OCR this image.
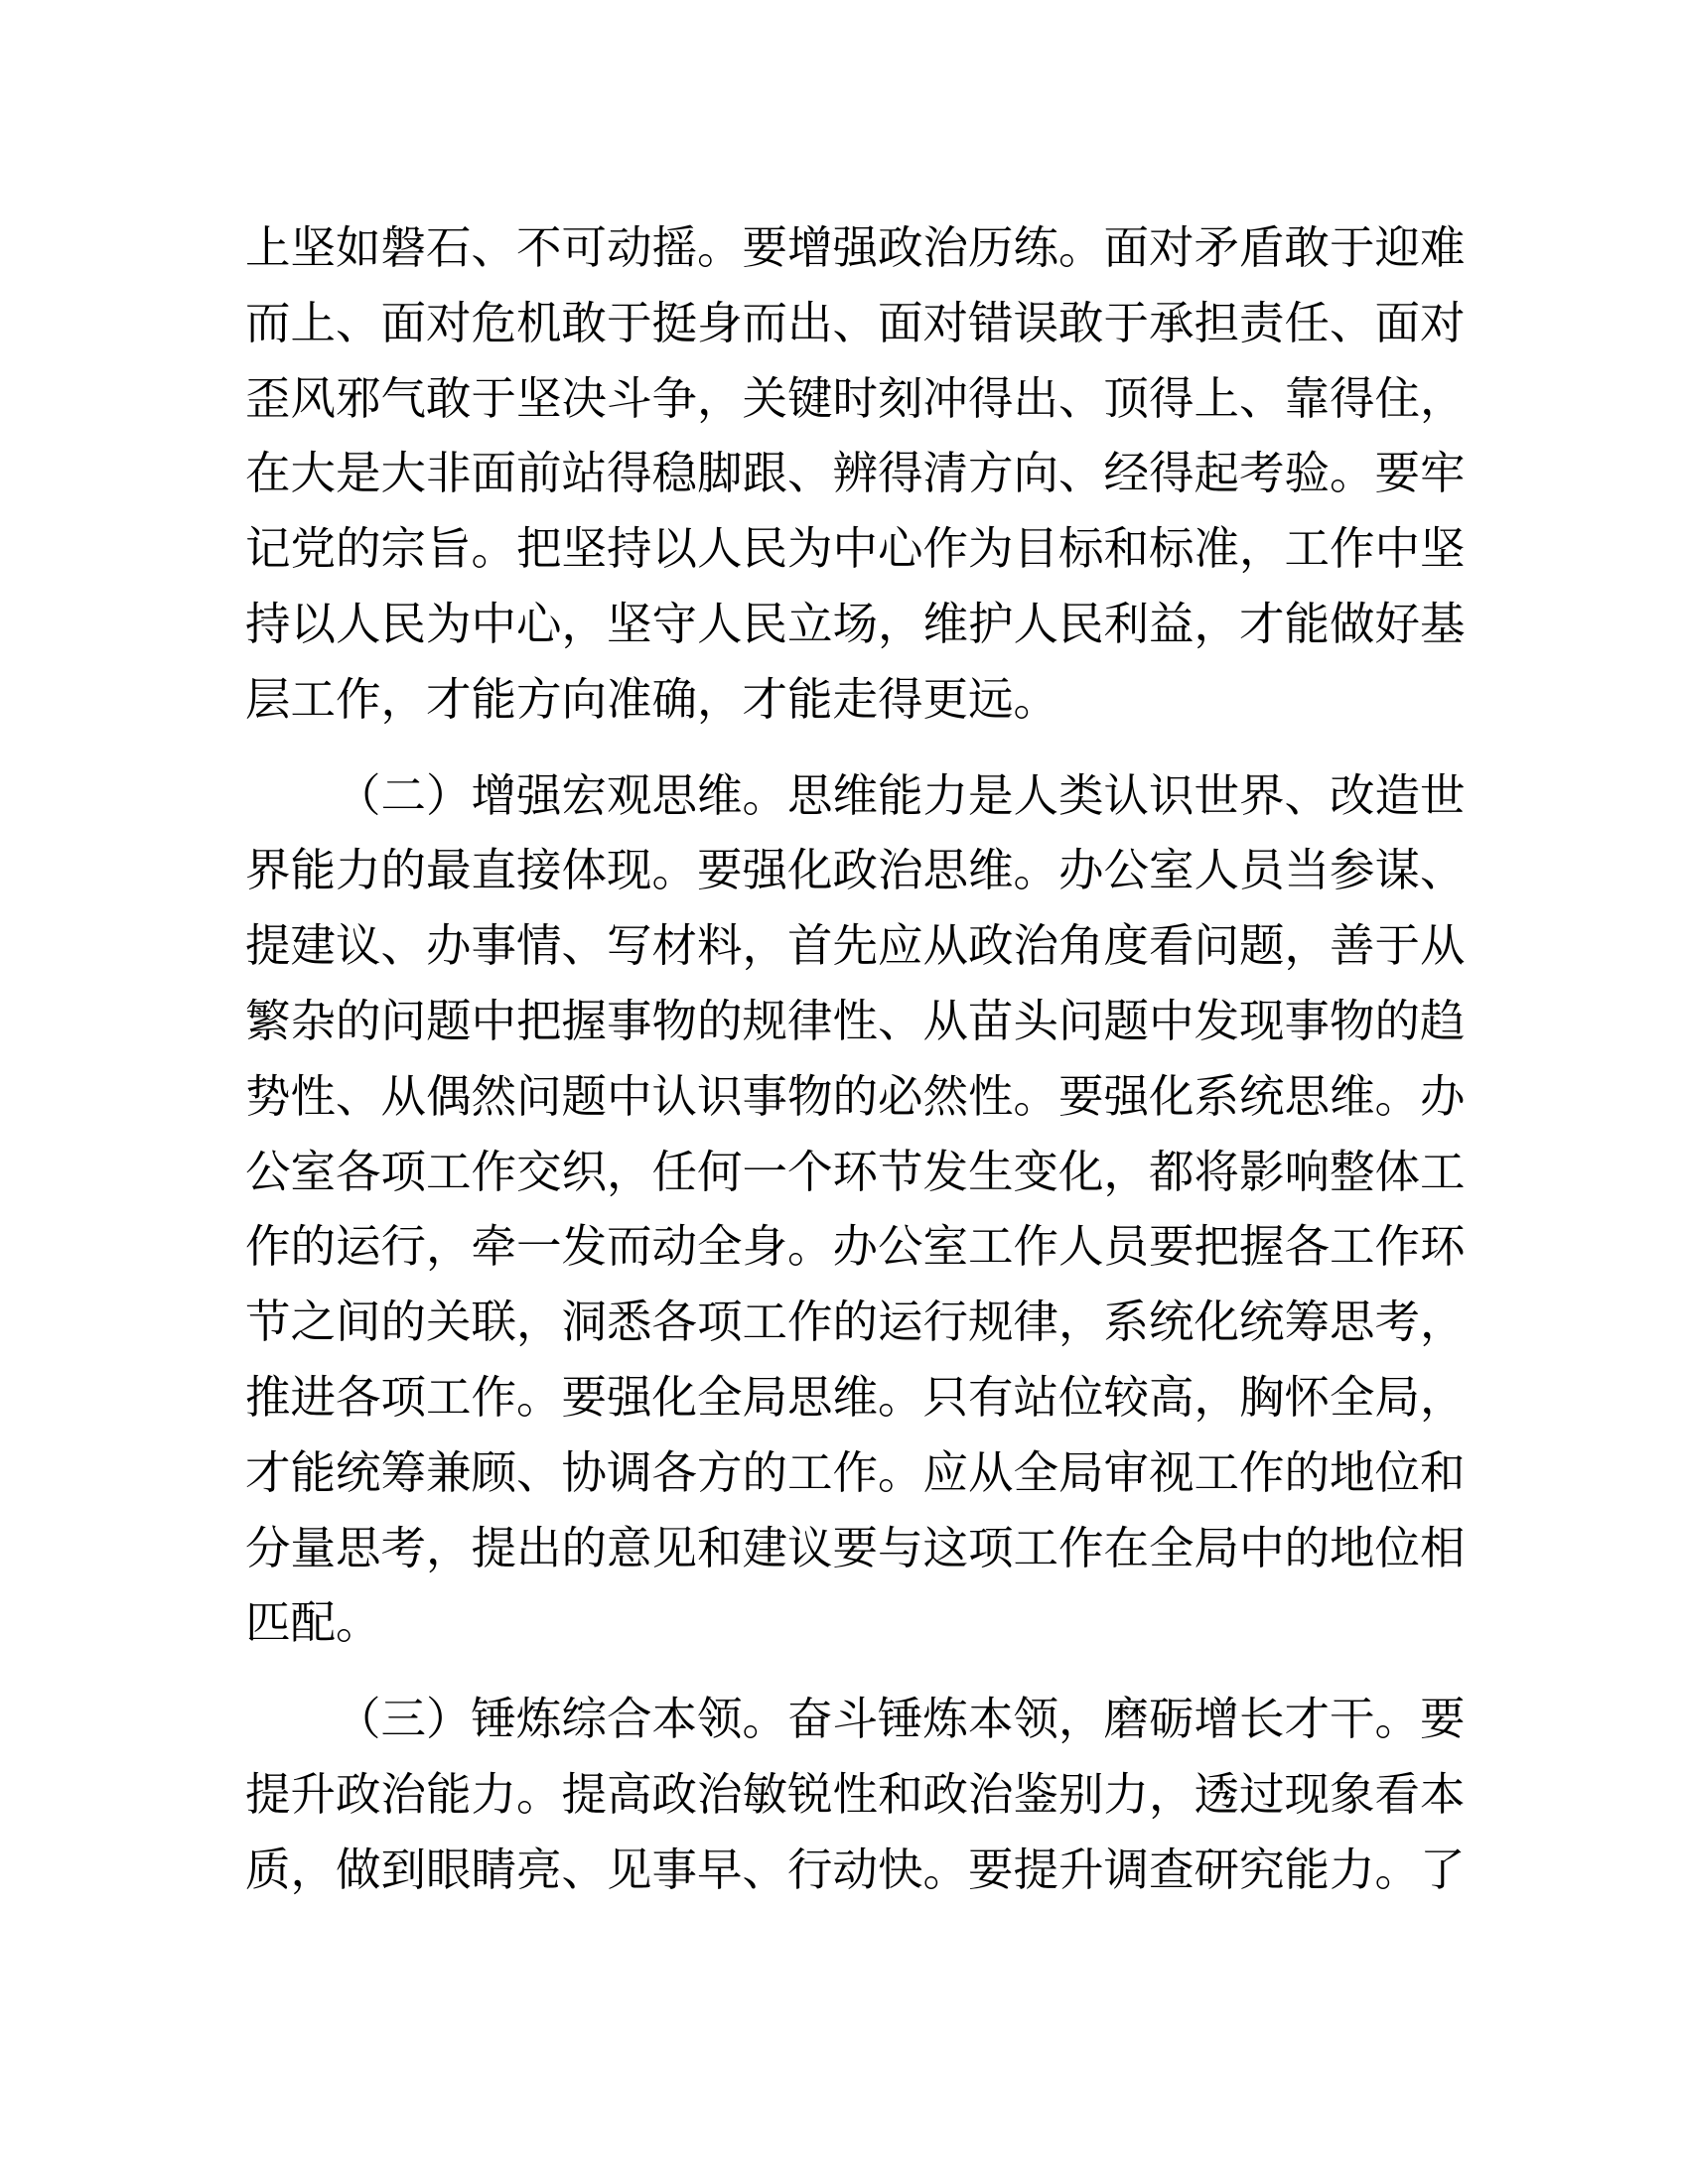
上坚如磐石、不可动摇。要增强政治历练。面对矛盾敢于迎难
而上、面对危机敢于挺身而出、面对错误敢于承担责任、面对
歪风邪气敢于坚决斗争，关键时刻冲得出、顶得上、靠得住，
在大是大非面前站得稳脚跟、辨得清方向、经得起考验。要牢
记党的宗旨。把坚持以人民为中心作为目标和标准，工作中坚
持以人民为中心，坚守人民立场，维护人民利益，才能做好基
层工作，才能方向准确，才能走得更远。
（二）增强宏观思维。思维能力是人类认识世界、改造世
界能力的最直接体现。要强化政治思维。办公室人员当参谋、
提建议、办事情、写材料，首先应从政治角度看问题，善于从
繁杂的问题中把握事物的规律性、从苗头问题中发现事物的趋
势性、从偶然问题中认识事物的必然性。要强化系统思维。办
公室各项工作交织，任何一个环节发生变化，都将影响整体工
作的运行，牵一发而动全身。办公室工作人员要把握各工作环
节之间的关联，洞悉各项工作的运行规律，系统化统筹思考，
推进各项工作。要强化全局思维。只有站位较高，胸怀全局，
才能统筹兼顾、协调各方的工作。应从全局审视工作的地位和
分量思考，提出的意见和建议要与这项工作在全局中的地位相
匹配。
（三）锤炼综合本领。奋斗锤炼本领，磨砺增长才干。要
提升政治能力。提高政治敏锐性和政治鉴别力，透过现象看本
质，做到眼睛亮、见事早、行动快。要提升调查研究能力。了
